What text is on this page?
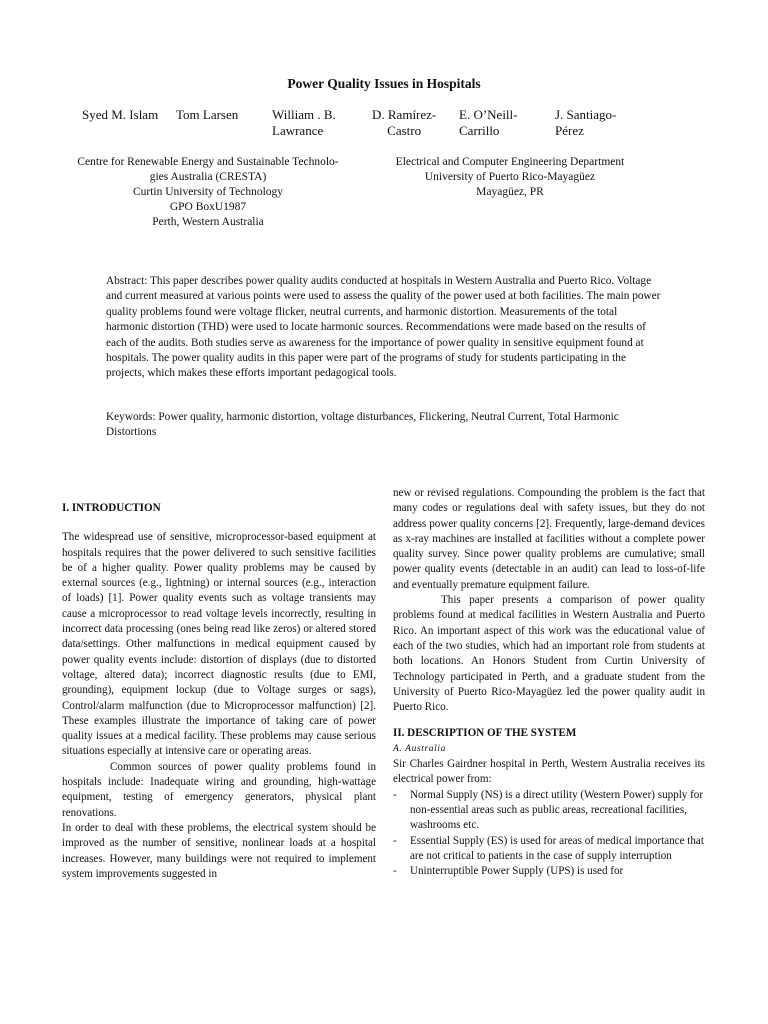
Power Quality Issues in Hospitals
Syed M. Islam Tom Larsen	William . B.
Lawrance
D. Ramírez-
Castro
E. O’Neill-
Carrillo
J. Santiago-
Pérez
Centre for Renewable Energy and Sustainable Technolo-
gies Australia (CRESTA)
Curtin University of Technology
GPO BoxU1987
Perth, Western Australia
Electrical and Computer Engineering Department
University of Puerto Rico-Mayagüez
Mayagüez, PR
Abstract: This paper describes power quality audits conducted at hospitals in Western Australia and Puerto Rico. Voltage and current measured at various points were used to assess the quality of the power used at both facilities. The main power quality problems found were voltage flicker, neutral currents, and harmonic distortion. Measurements of the total harmonic distortion (THD) were used to locate harmonic sources. Recommendations were made based on the results of each of the audits. Both studies serve as awareness for the importance of power quality in sensitive equipment found at hospitals. The power quality audits in this paper were part of the programs of study for students participating in the projects, which makes these efforts important pedagogical tools.
Keywords: Power quality, harmonic distortion, voltage disturbances, Flickering, Neutral Current, Total Harmonic Distortions

I. INTRODUCTION

The widespread use of sensitive, microprocessor-based equipment at hospitals requires that the power delivered to such sensitive facilities be of a higher quality. Power quality problems may be caused by external sources (e.g., lightning) or internal sources (e.g., interaction of loads) [1]. Power quality events such as voltage transients may cause a microprocessor to read voltage levels incorrectly, resulting in incorrect data processing (ones being read like zeros) or altered stored data/settings. Other malfunctions in medical equipment caused by power quality events include: distortion of displays (due to distorted voltage, altered data); incorrect diagnostic results (due to EMI, grounding), equipment lockup (due to Voltage surges or sags), Control/alarm malfunction (due to Microprocessor malfunction) [2]. These examples illustrate the importance of taking care of power quality issues at a medical facility. These problems may cause serious situations especially at intensive care or operating areas.

Common sources of power quality problems found in hospitals include: Inadequate wiring and grounding, high-wattage equipment, testing of emergency generators, physical plant renovations.

In order to deal with these problems, the electrical system should be improved as the number of sensitive, nonlinear loads at a hospital increases. However, many buildings were not required to implement system improvements suggested in

new or revised regulations. Compounding the problem is the fact that many codes or regulations deal with safety issues, but they do not address power quality concerns [2]. Frequently, large-demand devices as x-ray machines are installed at facilities without a complete power quality survey. Since power quality problems are cumulative; small power quality events (detectable in an audit) can lead to loss-of-life and eventually premature equipment failure.

This paper presents a comparison of power quality problems found at medical facilities in Western Australia and Puerto Rico. An important aspect of this work was the educational value of each of the two studies, which had an important role from students at both locations. An Honors Student from Curtin University of Technology participated in Perth, and a graduate student from the University of Puerto Rico-Mayagüez led the power quality audit in Puerto Rico.

II. DESCRIPTION OF THE SYSTEM

A. Australia

Sir Charles Gairdner hospital in Perth, Western Australia receives its electrical power from:

- Normal Supply (NS) is a direct utility (Western Power) supply for non-essential areas such as public areas, recreational facilities, washrooms etc.
- Essential Supply (ES) is used for areas of medical importance that are not critical to patients in the case of supply interruption
- Uninterruptible Power Supply (UPS) is used for
